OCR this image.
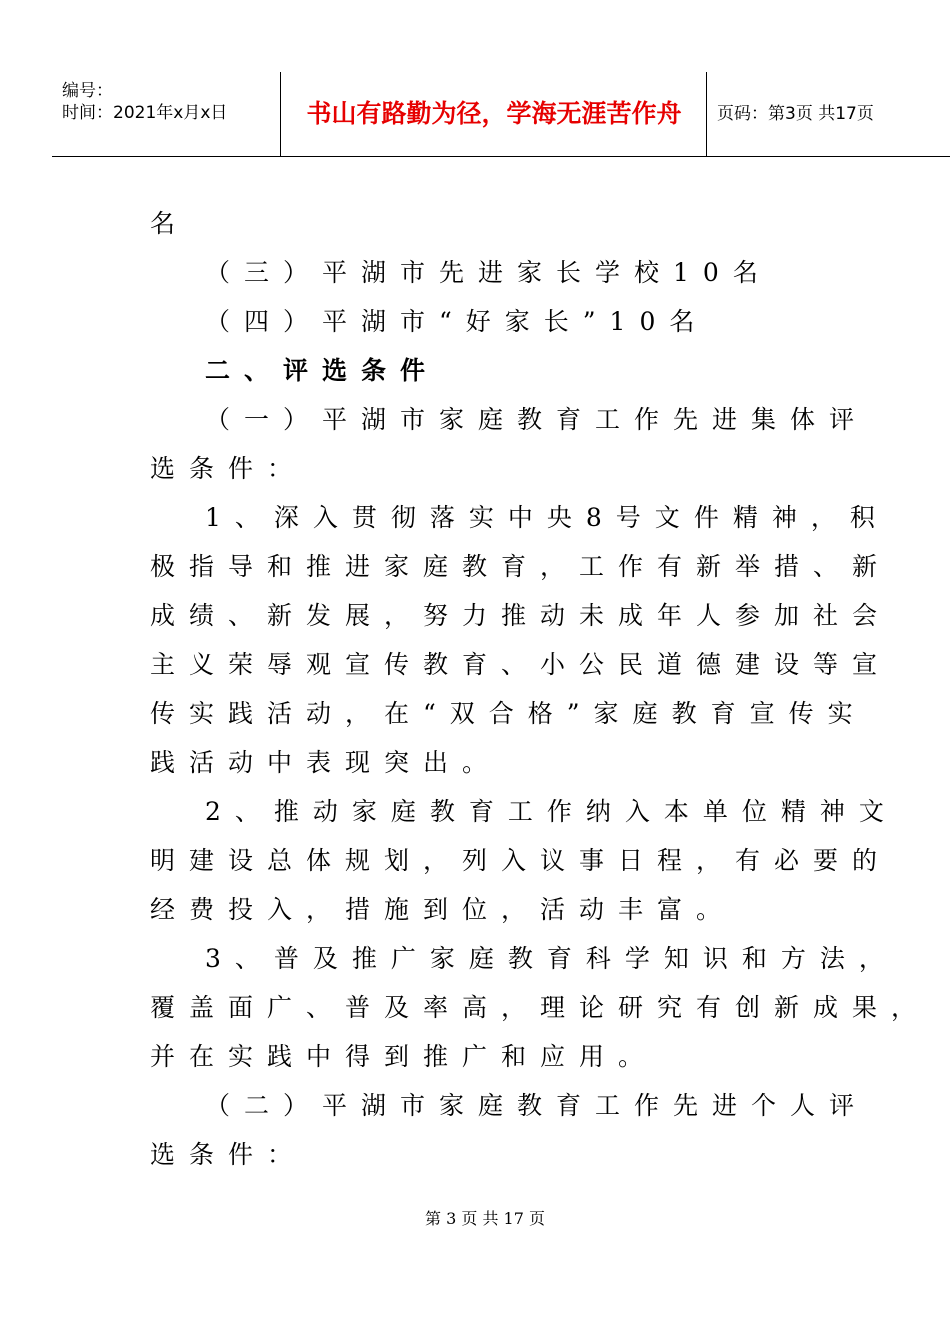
编号：
时间：2021年x月x日	书山有路勤为径，学海无涯苦作舟	页码：第3页 共17页
名
（三）平湖市先进家长学校10名
（四）平湖市“好家长”10名
二、评选条件
（一）平湖市家庭教育工作先进集体评
选条件：
1、深入贯彻落实中央8号文件精神，积
极指导和推进家庭教育，工作有新举措、新
成绩、新发展，努力推动未成年人参加社会
主义荣辱观宣传教育、小公民道德建设等宣
传实践活动，在“双合格”家庭教育宣传实
践活动中表现突出。
2、推动家庭教育工作纳入本单位精神文
明建设总体规划，列入议事日程，有必要的
经费投入，措施到位，活动丰富。
3、普及推广家庭教育科学知识和方法，
覆盖面广、普及率高，理论研究有创新成果，
并在实践中得到推广和应用。
（二）平湖市家庭教育工作先进个人评
选条件：
第 3 页 共 17 页
